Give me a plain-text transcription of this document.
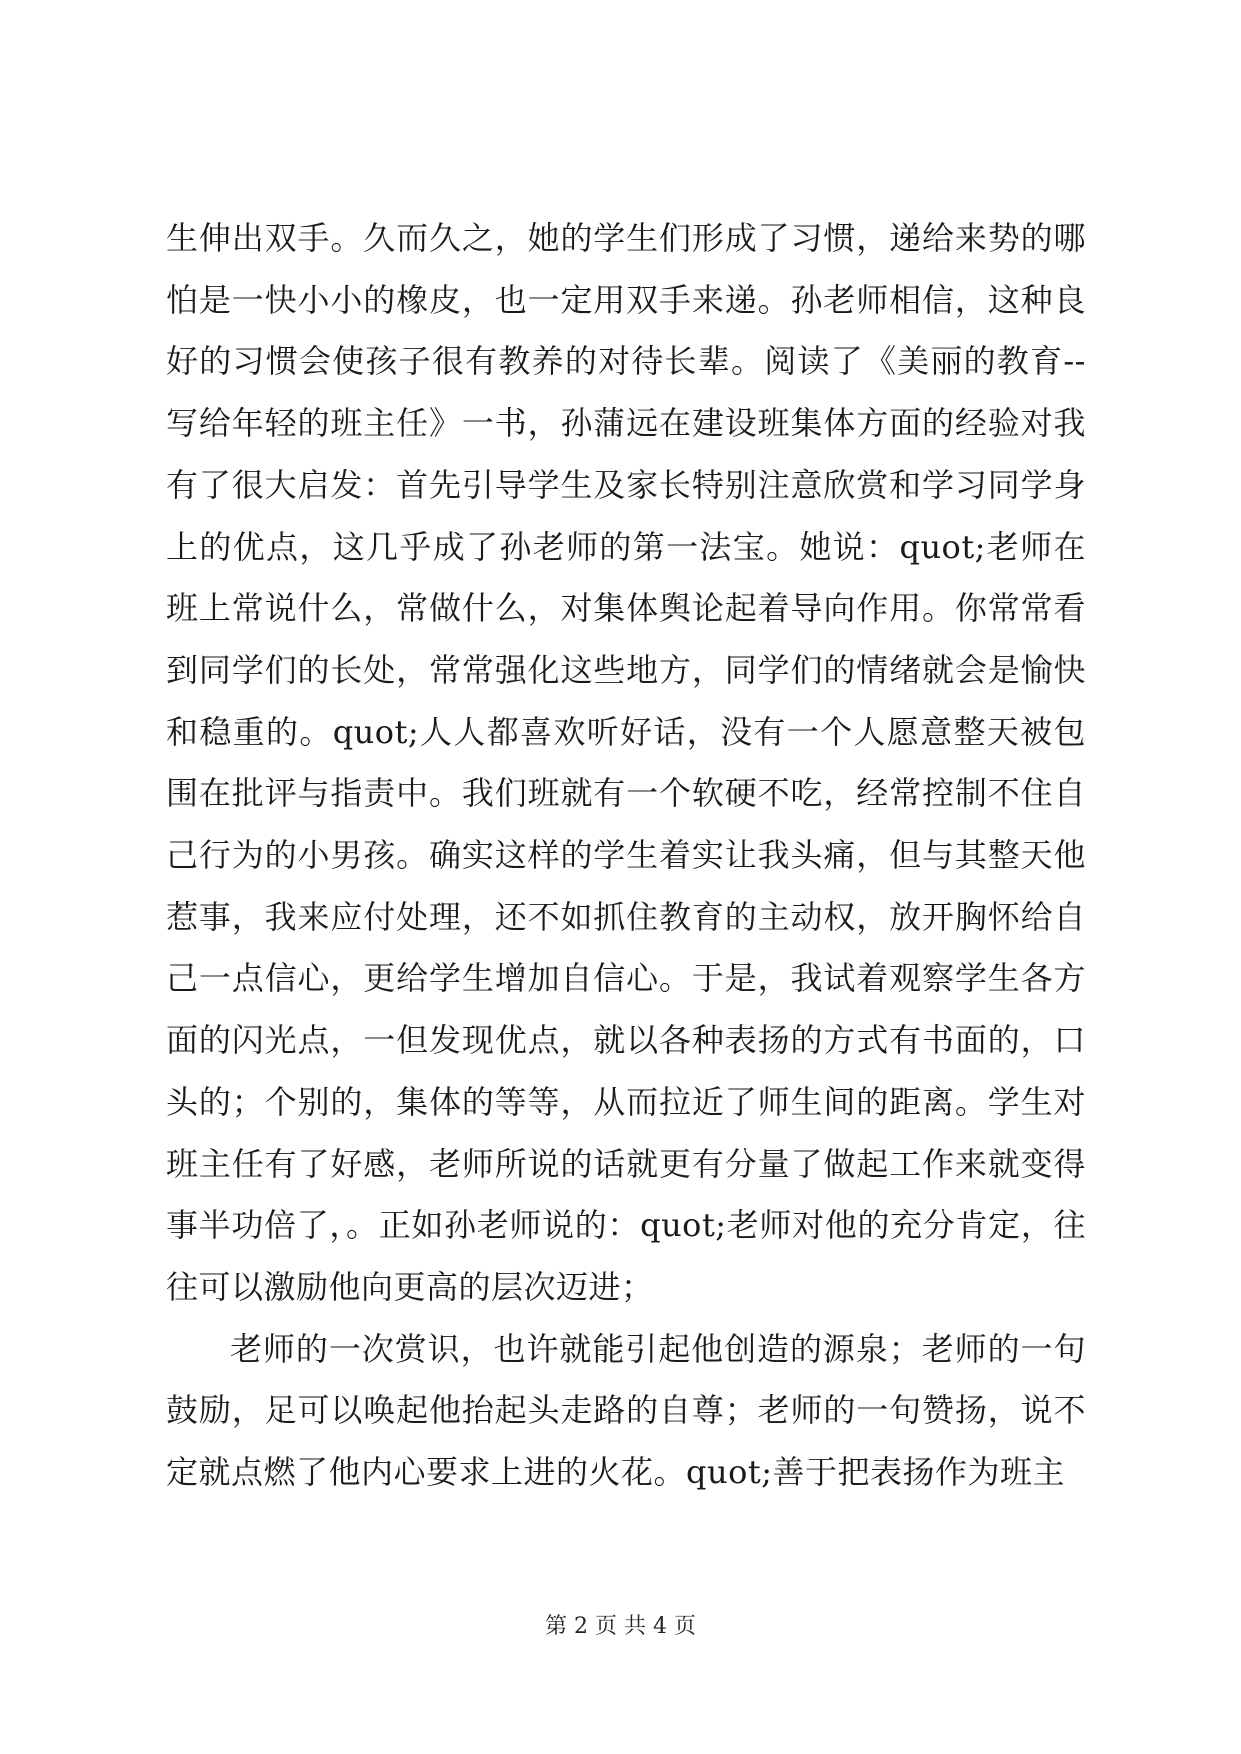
生伸出双手。久而久之，她的学生们形成了习惯，递给来势的哪怕是一快小小的橡皮，也一定用双手来递。孙老师相信，这种良好的习惯会使孩子很有教养的对待长辈。阅读了《美丽的教育--写给年轻的班主任》一书，孙蒲远在建设班集体方面的经验对我有了很大启发：首先引导学生及家长特别注意欣赏和学习同学身上的优点，这几乎成了孙老师的第一法宝。她说：quot;老师在班上常说什么，常做什么，对集体舆论起着导向作用。你常常看到同学们的长处，常常强化这些地方，同学们的情绪就会是愉快和稳重的。quot;人人都喜欢听好话，没有一个人愿意整天被包围在批评与指责中。我们班就有一个软硬不吃，经常控制不住自己行为的小男孩。确实这样的学生着实让我头痛，但与其整天他惹事，我来应付处理，还不如抓住教育的主动权，放开胸怀给自己一点信心，更给学生增加自信心。于是，我试着观察学生各方面的闪光点，一但发现优点，就以各种表扬的方式有书面的，口头的；个别的，集体的等等，从而拉近了师生间的距离。学生对班主任有了好感，老师所说的话就更有分量了做起工作来就变得事半功倍了，。正如孙老师说的：quot;老师对他的充分肯定，往往可以激励他向更高的层次迈进；

老师的一次赏识，也许就能引起他创造的源泉；老师的一句鼓励，足可以唤起他抬起头走路的自尊；老师的一句赞扬，说不定就点燃了他内心要求上进的火花。quot;善于把表扬作为班主

第 2 页 共 4 页
